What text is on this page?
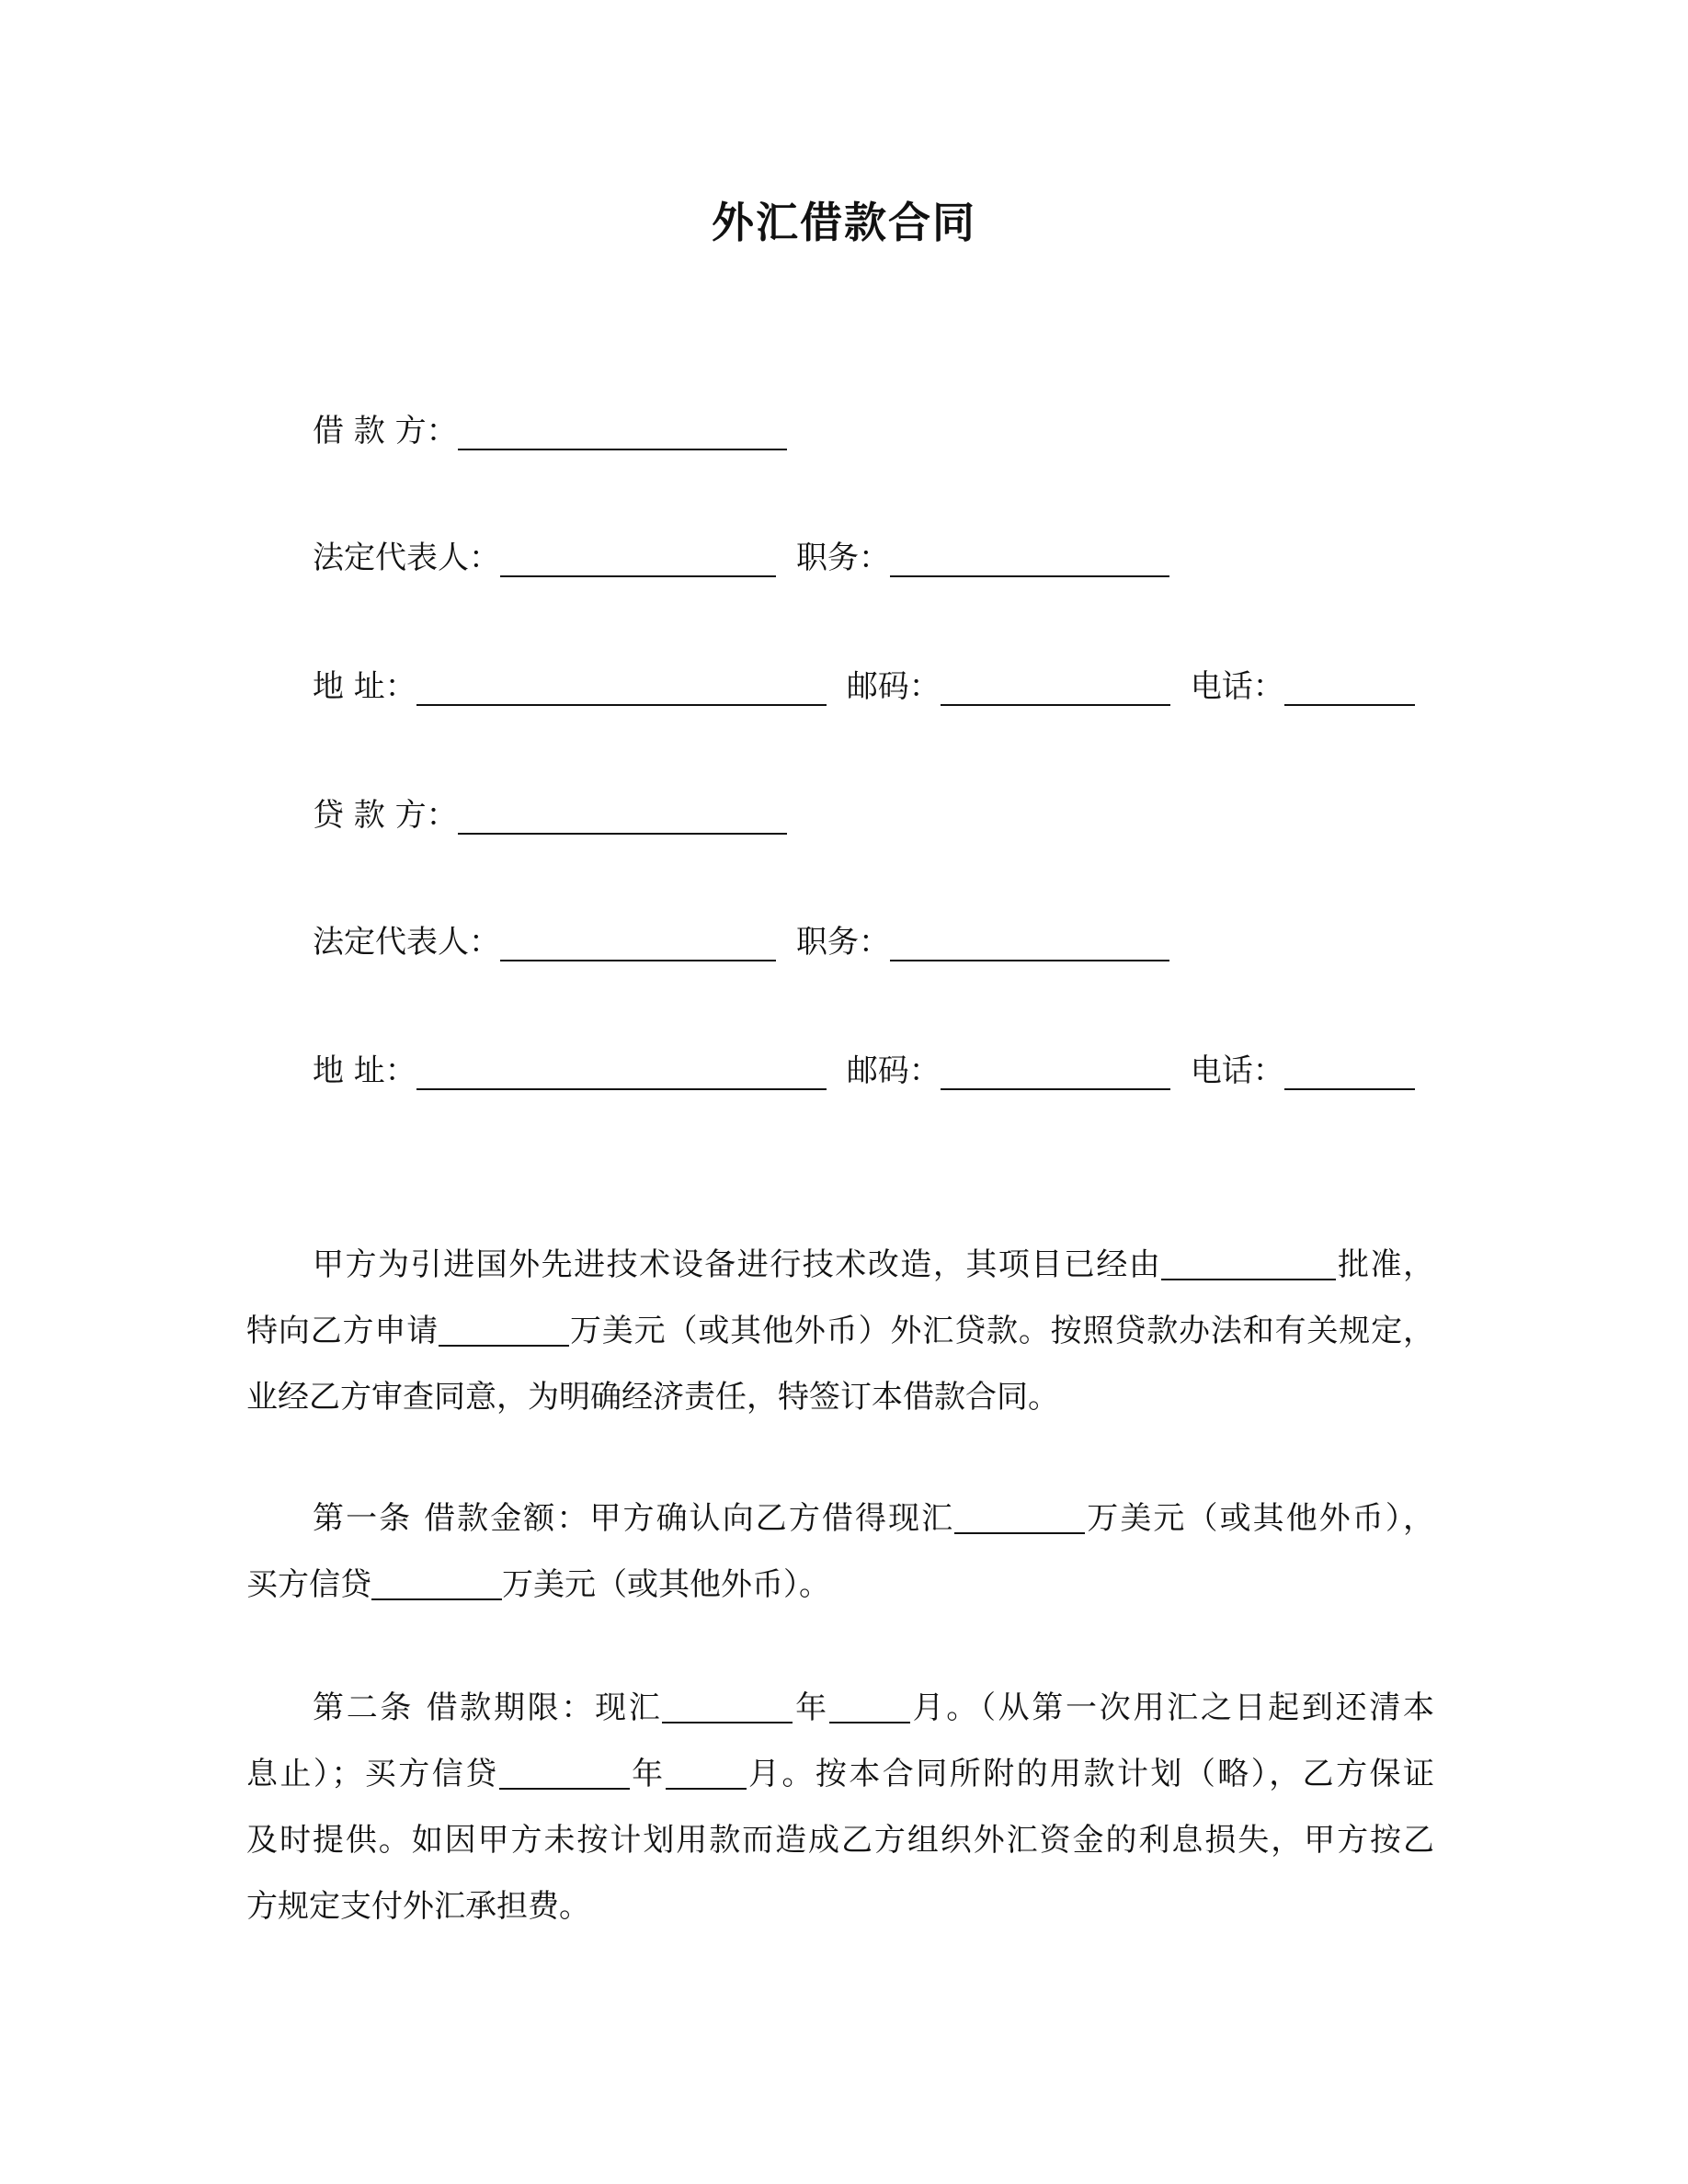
外汇借款合同
借 款 方：
法定代表人：	职务：
地 址：	邮码：	电话：
贷 款 方：
法定代表人：	职务：
地 址：	邮码：	电话：
甲方为引进国外先进技术设备进行技术改造，其项目已经由	批准，
特向乙方申请	万美元（或其他外币）外汇贷款。按照贷款办法和有关规定，
业经乙方审查同意，为明确经济责任，特签订本借款合同。
第一条 借款金额：甲方确认向乙方借得现汇	万美元（或其他外币），
买方信贷	万美元（或其他外币）。
第二条 借款期限：现汇	年	月。（从第一次用汇之日起到还清本
息止）；买方信贷	年	月。按本合同所附的用款计划（略），乙方保证
及时提供。如因甲方未按计划用款而造成乙方组织外汇资金的利息损失，甲方按乙
方规定支付外汇承担费。
